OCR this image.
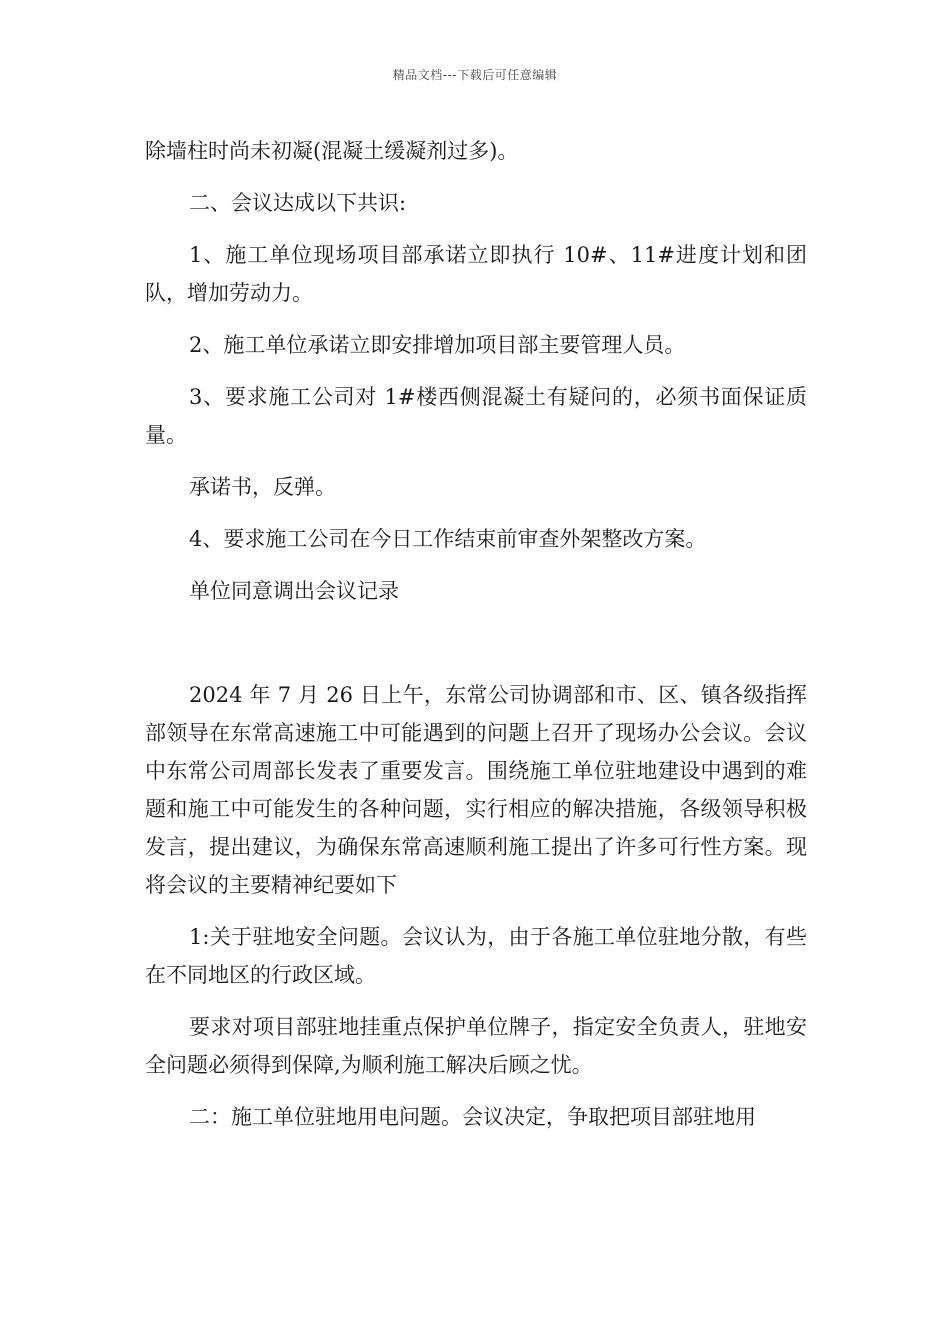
精品文档---下载后可任意编辑

除墙柱时尚未初凝(混凝土缓凝剂过多)。

二、会议达成以下共识:

1、施工单位现场项目部承诺立即执行 10#、11#进度计划和团队，增加劳动力。

2、施工单位承诺立即安排增加项目部主要管理人员。

3、要求施工公司对 1#楼西侧混凝土有疑问的，必须书面保证质量。

承诺书，反弹。

4、要求施工公司在今日工作结束前审查外架整改方案。

单位同意调出会议记录

2024 年 7 月 26 日上午，东常公司协调部和市、区、镇各级指挥部领导在东常高速施工中可能遇到的问题上召开了现场办公会议。会议中东常公司周部长发表了重要发言。围绕施工单位驻地建设中遇到的难题和施工中可能发生的各种问题，实行相应的解决措施，各级领导积极发言，提出建议，为确保东常高速顺利施工提出了许多可行性方案。现将会议的主要精神纪要如下

1:关于驻地安全问题。会议认为，由于各施工单位驻地分散，有些在不同地区的行政区域。

要求对项目部驻地挂重点保护单位牌子，指定安全负责人，驻地安全问题必须得到保障,为顺利施工解决后顾之忧。

二：施工单位驻地用电问题。会议决定，争取把项目部驻地用
